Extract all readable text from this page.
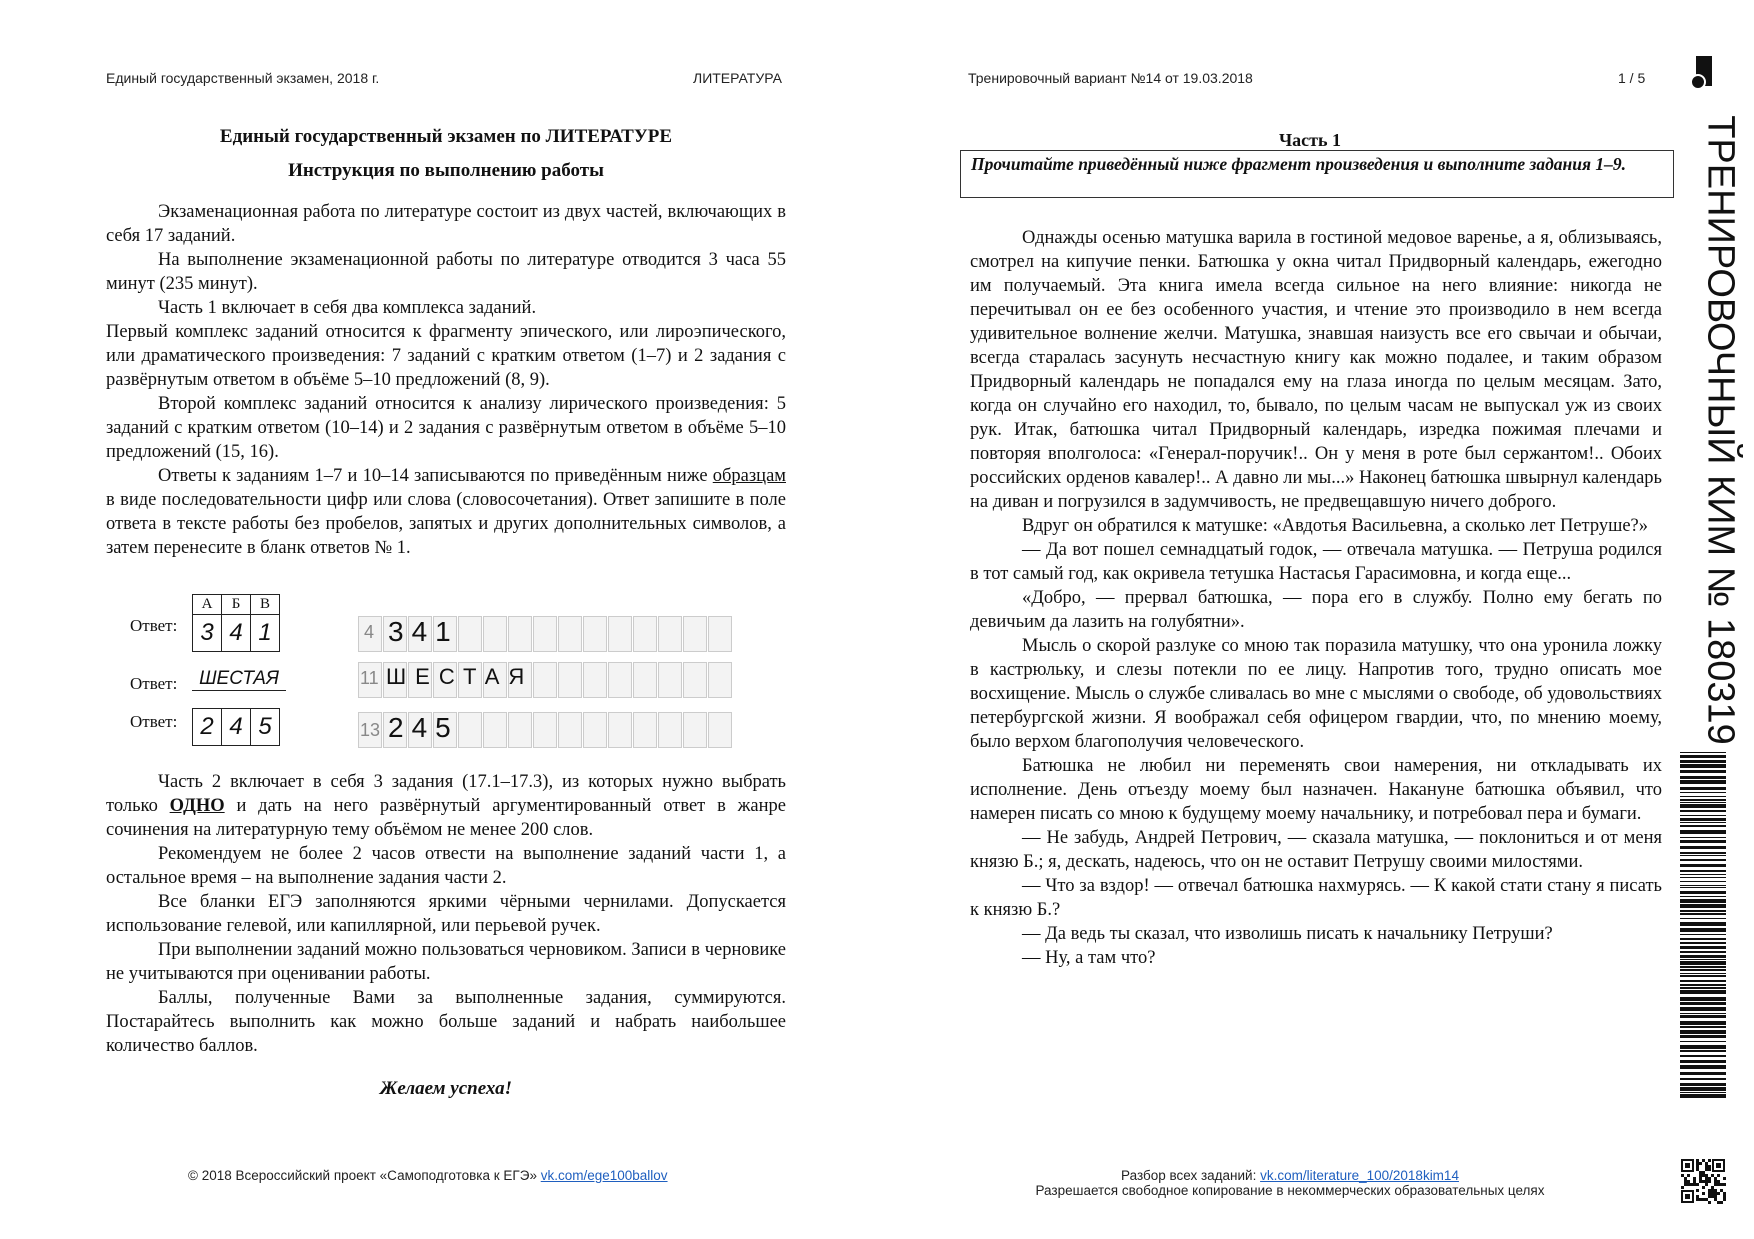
Единый государственный экзамен, 2018 г.	ЛИТЕРАТУРА	Тренировочный вариант №14 от 19.03.2018	1 / 5

Единый государственный экзамен по ЛИТЕРАТУРЕ

Инструкция по выполнению работы

Экзаменационная работа по литературе состоит из двух частей, включающих в себя 17 заданий.

На выполнение экзаменационной работы по литературе отводится 3 часа 55 минут (235 минут).

Часть 1 включает в себя два комплекса заданий.

Первый комплекс заданий относится к фрагменту эпического, или лироэпического, или драматического произведения: 7 заданий с кратким ответом (1–7) и 2 задания с развёрнутым ответом в объёме 5–10 предложений (8, 9).

Второй комплекс заданий относится к анализу лирического произведения: 5 заданий с кратким ответом (10–14) и 2 задания с развёрнутым ответом в объёме 5–10 предложений (15, 16).

Ответы к заданиям 1–7 и 10–14 записываются по приведённым ниже образцам в виде последовательности цифр или слова (словосочетания). Ответ запишите в поле ответа в тексте работы без пробелов, запятых и других дополнительных символов, а затем перенесите в бланк ответов № 1.

Ответ:
А	Б	В
3	4	1	4 341
Ответ:	ШЕСТАЯ	11 ШЕСТАЯ
Ответ: 2	4	5	13 245

Часть 2 включает в себя 3 задания (17.1–17.3), из которых нужно выбрать только ОДНО и дать на него развёрнутый аргументированный ответ в жанре сочинения на литературную тему объёмом не менее 200 слов.

Рекомендуем не более 2 часов отвести на выполнение заданий части 1, а остальное время – на выполнение задания части 2.

Все бланки ЕГЭ заполняются яркими чёрными чернилами. Допускается использование гелевой, или капиллярной, или перьевой ручек.

При выполнении заданий можно пользоваться черновиком. Записи в черновике не учитываются при оценивании работы.

Баллы, полученные Вами за выполненные задания, суммируются. Постарайтесь выполнить как можно больше заданий и набрать наибольшее количество баллов.

Желаем успеха!

© 2018 Всероссийский проект «Самоподготовка к ЕГЭ» vk.com/ege100ballov
Часть 1
Прочитайте приведённый ниже фрагмент произведения и выполните задания 1–9.

Однажды осенью матушка варила в гостиной медовое варенье, а я, облизываясь, смотрел на кипучие пенки. Батюшка у окна читал Придворный календарь, ежегодно им получаемый. Эта книга имела всегда сильное на него влияние: никогда не перечитывал он ее без особенного участия, и чтение это производило в нем всегда удивительное волнение желчи. Матушка, знавшая наизусть все его свычаи и обычаи, всегда старалась засунуть несчастную книгу как можно подалее, и таким образом Придворный календарь не попадался ему на глаза иногда по целым месяцам. Зато, когда он случайно его находил, то, бывало, по целым часам не выпускал уж из своих рук. Итак, батюшка читал Придворный календарь, изредка пожимая плечами и повторяя вполголоса: «Генерал-поручик!.. Он у меня в роте был сержантом!.. Обоих российских орденов кавалер!.. А давно ли мы...» Наконец батюшка швырнул календарь на диван и погрузился в задумчивость, не предвещавшую ничего доброго.

Вдруг он обратился к матушке: «Авдотья Васильевна, а сколько лет Петруше?»

— Да вот пошел семнадцатый годок, — отвечала матушка. — Петруша родился в тот самый год, как окривела тетушка Настасья Гарасимовна, и когда еще...

«Добро, — прервал батюшка, — пора его в службу. Полно ему бегать по девичьим да лазить на голубятни».

Мысль о скорой разлуке со мною так поразила матушку, что она уронила ложку в кастрюльку, и слезы потекли по ее лицу. Напротив того, трудно описать мое восхищение. Мысль о службе сливалась во мне с мыслями о свободе, об удовольствиях петербургской жизни. Я воображал себя офицером гвардии, что, по мнению моему, было верхом благополучия человеческого.

Батюшка не любил ни переменять свои намерения, ни откладывать их исполнение. День отъезду моему был назначен. Накануне батюшка объявил, что намерен писать со мною к будущему моему начальнику, и потребовал пера и бумаги.

— Не забудь, Андрей Петрович, — сказала матушка, — поклониться и от меня князю Б.; я, дескать, надеюсь, что он не оставит Петрушу своими милостями.

— Что за вздор! — отвечал батюшка нахмурясь. — К какой стати стану я писать к князю Б.?

— Да ведь ты сказал, что изволишь писать к начальнику Петруши?

— Ну, а там что?

Разбор всех заданий: vk.com/literature_100/2018kim14
Разрешается свободное копирование в некоммерческих образовательных целях
ТРЕНИРОВОЧНЫЙ КИМ № 180319
